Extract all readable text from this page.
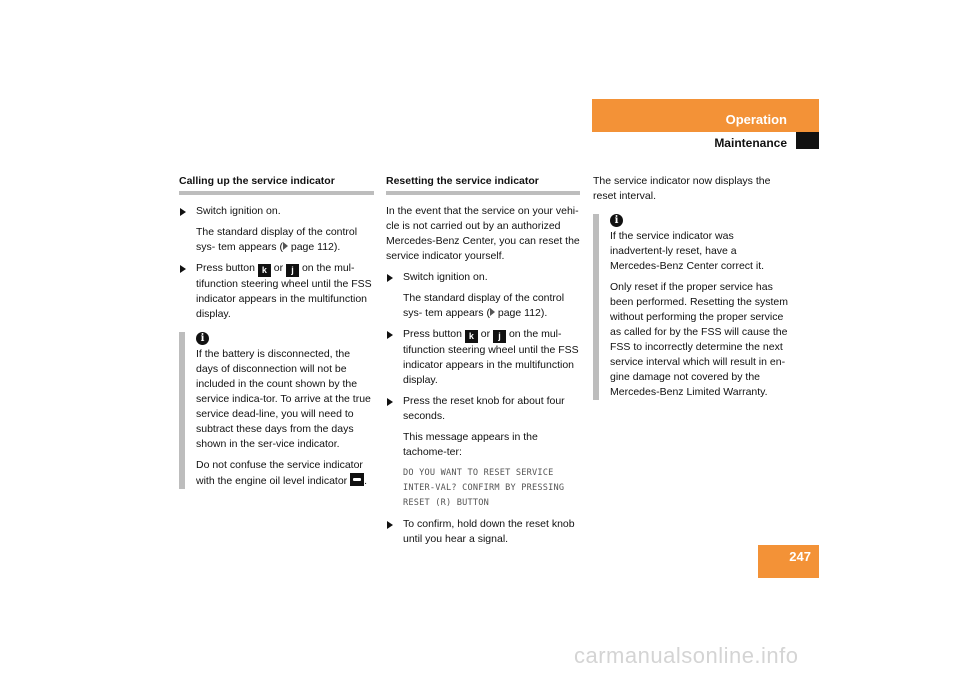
Operation
Maintenance
Calling up the service indicator

Switch ignition on.

The standard display of the control sys- tem appears ( page 112).
Press button k or j on the mul-tifunction steering wheel until the FSS indicator appears in the multifunction display.
i

If the battery is disconnected, the days of disconnection will not be included in the count shown by the service indica-tor. To arrive at the true service dead-line, you will need to subtract these days from the days shown in the ser-vice indicator.

Do not confuse the service indicator with the engine oil level indicator .

Resetting the service indicator

In the event that the service on your vehi-cle is not carried out by an authorized Mercedes-Benz Center, you can reset the service indicator yourself.

Switch ignition on.

The standard display of the control sys- tem appears ( page 112).
Press button k or j on the mul-tifunction steering wheel until the FSS indicator appears in the multifunction display.

Press the reset knob for about four seconds.

This message appears in the tachome-ter:

DO YOU WANT TO RESET SERVICE INTER-VAL? CONFIRM BY PRESSING RESET (R) BUTTON

To confirm, hold down the reset knob until you hear a signal.

The service indicator now displays the reset interval.

i

If the service indicator was inadvertent-ly reset, have a Mercedes-Benz Center correct it.

Only reset if the proper service has been performed. Resetting the system without performing the proper service as called for by the FSS will cause the FSS to incorrectly determine the next service interval which will result in en-gine damage not covered by the Mercedes-Benz Limited Warranty.

247
carmanualsonline.info
